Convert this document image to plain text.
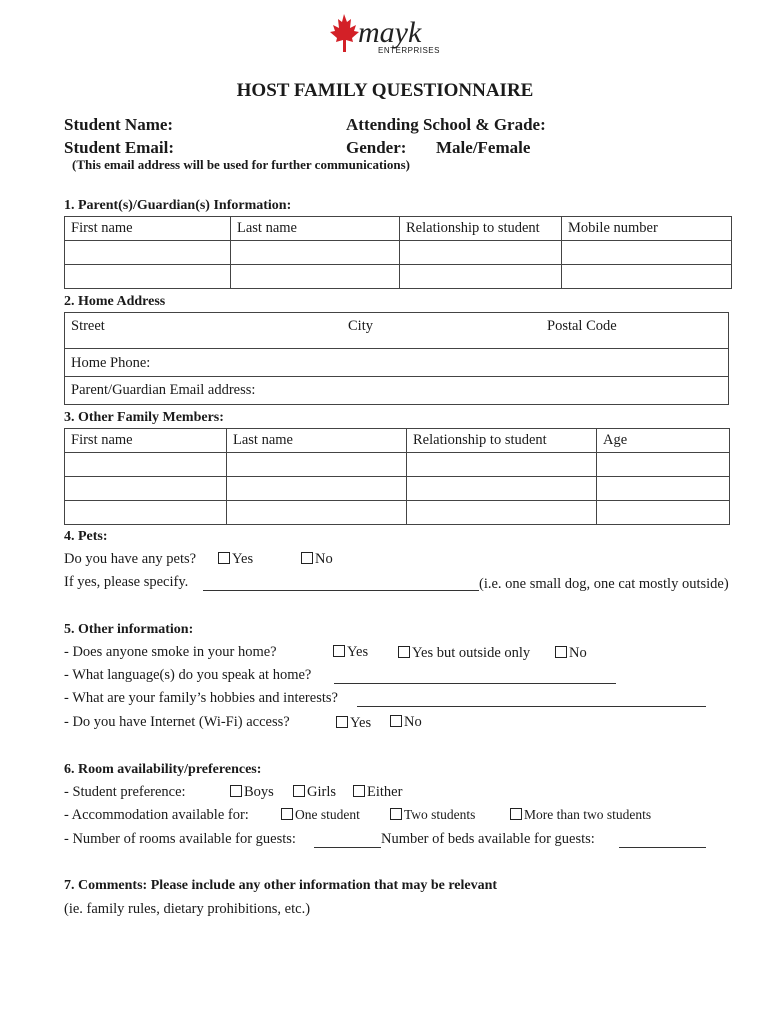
mayk
ENTERPRISES
HOST FAMILY QUESTIONNAIRE
Student Name:	Attending School & Grade:
Student Email:	Gender: Male/Female
(This email address will be used for further communications)
1. Parent(s)/Guardian(s) Information:
First name	Last name	Relationship to student	Mobile number

2. Home Address
Street	City	Postal Code
Home Phone:
Parent/Guardian Email address:
3. Other Family Members:
First name	Last name	Relationship to student	Age

4. Pets:
Do you have any pets?	Yes	No
If yes, please specify.	(i.e. one small dog, one cat mostly outside)
5. Other information:
- Does anyone smoke in your home?	Yes	Yes but outside only	No
- What language(s) do you speak at home?
- What are your family’s hobbies and interests?
- Do you have Internet (Wi-Fi) access?	Yes	No
6. Room availability/preferences:
- Student preference:	Boys	Girls	Either
- Accommodation available for:	One student	Two students	More than two students
- Number of rooms available for guests:	Number of beds available for guests:
7. Comments: Please include any other information that may be relevant
(ie. family rules, dietary prohibitions, etc.)
